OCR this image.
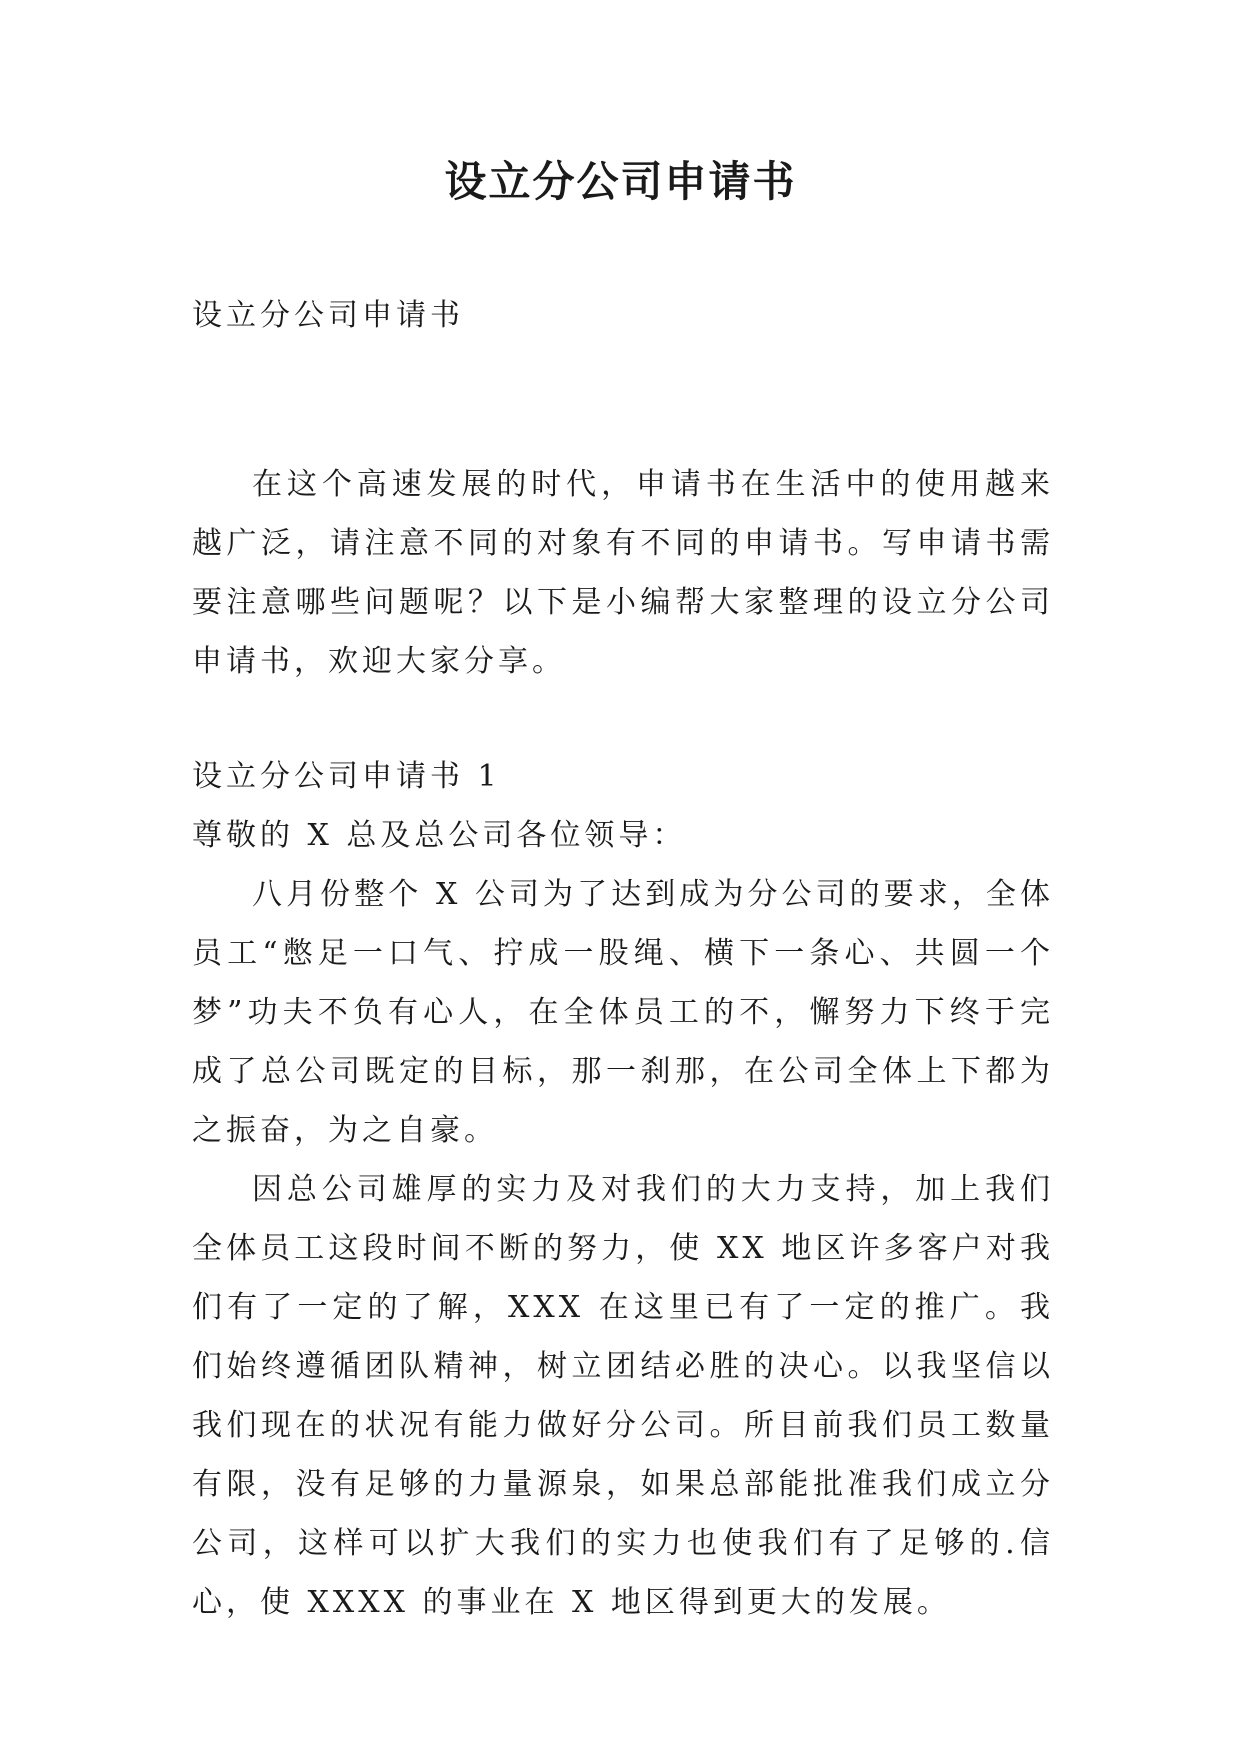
设立分公司申请书

设立分公司申请书

在这个高速发展的时代，申请书在生活中的使用越来越广泛，请注意不同的对象有不同的申请书。写申请书需要注意哪些问题呢？以下是小编帮大家整理的设立分公司申请书，欢迎大家分享。

设立分公司申请书 1

尊敬的 X 总及总公司各位领导：

八月份整个 X 公司为了达到成为分公司的要求，全体员工“憋足一口气、拧成一股绳、横下一条心、共圆一个梦”功夫不负有心人，在全体员工的不，懈努力下终于完成了总公司既定的目标，那一刹那，在公司全体上下都为之振奋，为之自豪。

因总公司雄厚的实力及对我们的大力支持，加上我们全体员工这段时间不断的努力，使 XX 地区许多客户对我们有了一定的了解，XXX 在这里已有了一定的推广。我们始终遵循团队精神，树立团结必胜的决心。以我坚信以我们现在的状况有能力做好分公司。所目前我们员工数量有限，没有足够的力量源泉，如果总部能批准我们成立分公司，这样可以扩大我们的实力也使我们有了足够的.信心，使 XXXX 的事业在 X 地区得到更大的发展。
